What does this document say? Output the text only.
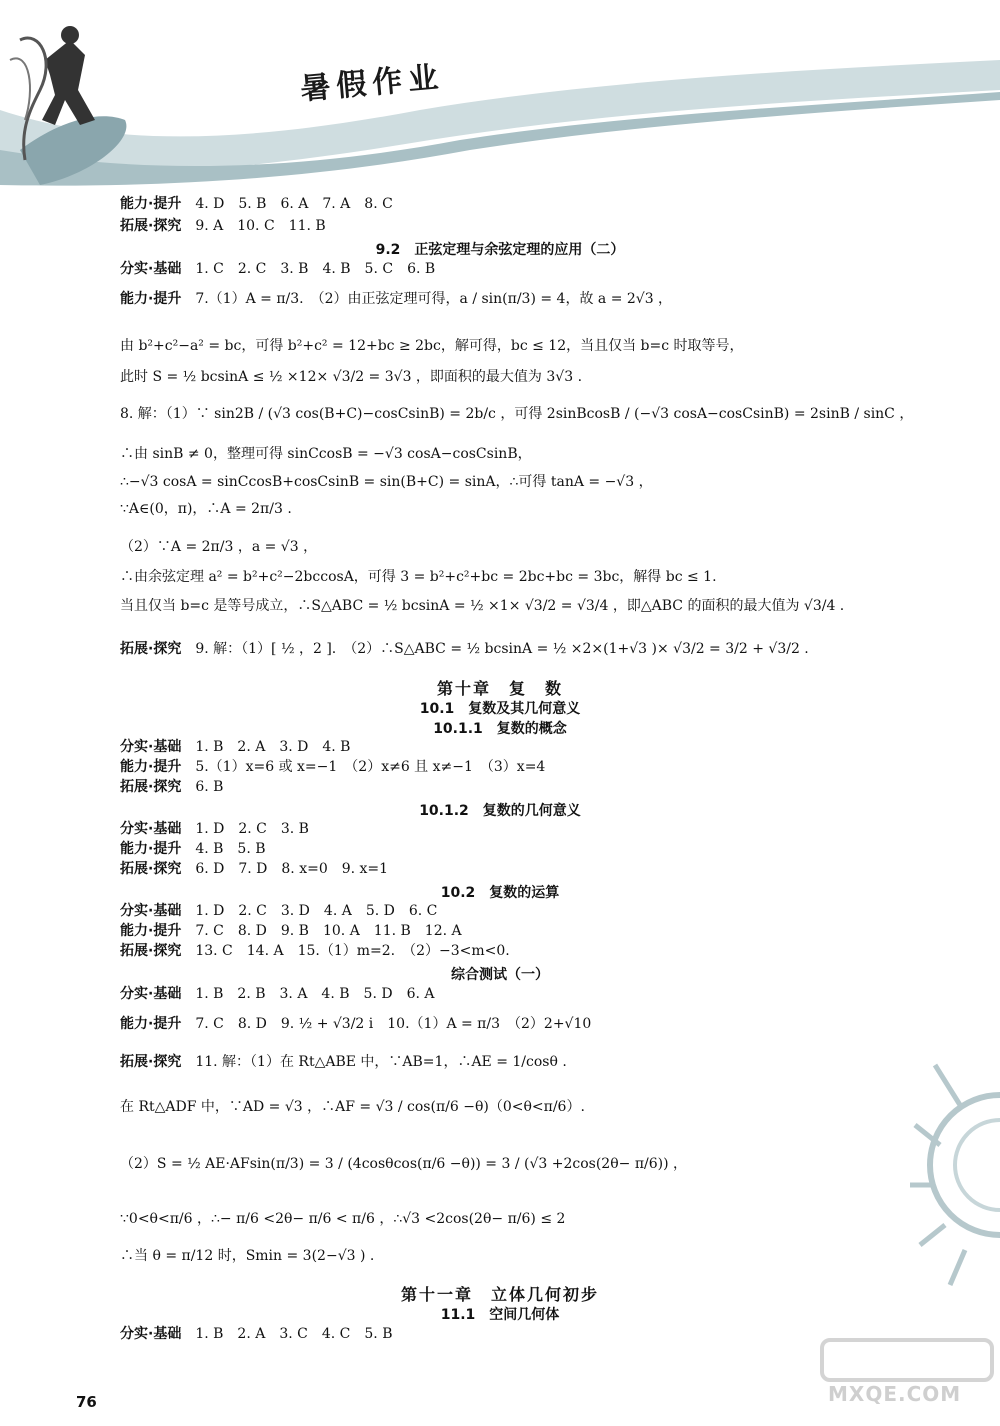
暑假作业
能力·提升 4. D　5. B　6. A　7. A　8. C
拓展·探究 9. A　10. C　11. B
9.2　正弦定理与余弦定理的应用（二）
分实·基础 1. C　2. C　3. B　4. B　5. C　6. B
能力·提升 7.（1）A = π/3.　（2）由正弦定理可得，a / sin(π/3) = 4，故 a = 2√3 ，
由 b²+c²−a² = bc，可得 b²+c² = 12+bc ≥ 2bc，解可得，bc ≤ 12，当且仅当 b=c 时取等号，
此时 S = ½ bcsinA ≤ ½ ×12× √3/2 = 3√3 ，即面积的最大值为 3√3 .
8. 解：（1）∵ sin2B / (√3 cos(B+C)−cosCsinB) = 2b/c ，可得 2sinBcosB / (−√3 cosA−cosCsinB) = 2sinB / sinC ，
∴由 sinB ≠ 0，整理可得 sinCcosB = −√3 cosA−cosCsinB，
∴−√3 cosA = sinCcosB+cosCsinB = sin(B+C) = sinA，∴可得 tanA = −√3 ，
∵A∈(0，π)，∴A = 2π/3 .
（2）∵A = 2π/3 ，a = √3 ，
∴由余弦定理 a² = b²+c²−2bccosA，可得 3 = b²+c²+bc = 2bc+bc = 3bc，解得 bc ≤ 1.
当且仅当 b=c 是等号成立，∴S△ABC = ½ bcsinA = ½ ×1× √3/2 = √3/4 ，即△ABC 的面积的最大值为 √3/4 .
拓展·探究 9. 解：（1）[ ½ ，2 ].　（2）∴S△ABC = ½ bcsinA = ½ ×2×(1+√3 )× √3/2 = 3/2 + √3/2 .
第十章　复　数
10.1　复数及其几何意义
10.1.1　复数的概念
分实·基础 1. B　2. A　3. D　4. B
能力·提升 5.（1）x=6 或 x=−1　（2）x≠6 且 x≠−1　（3）x=4
拓展·探究 6. B
10.1.2　复数的几何意义
分实·基础 1. D　2. C　3. B
能力·提升 4. B　5. B
拓展·探究 6. D　7. D　8. x=0　9. x=1
10.2　复数的运算
分实·基础 1. D　2. C　3. D　4. A　5. D　6. C
能力·提升 7. C　8. D　9. B　10. A　11. B　12. A
拓展·探究 13. C　14. A　15.（1）m=2.　（2）−3<m<0.
综合测试（一）
分实·基础 1. B　2. B　3. A　4. B　5. D　6. A
能力·提升 7. C　8. D　9. ½ + √3/2 i　10.（1）A = π/3　（2）2+√10
拓展·探究 11. 解：（1）在 Rt△ABE 中，∵AB=1，∴AE = 1/cosθ .
在 Rt△ADF 中，∵AD = √3 ，∴AF = √3 / cos(π/6 −θ)（0<θ<π/6）.
（2）S = ½ AE·AFsin(π/3) = 3 / (4cosθcos(π/6 −θ)) = 3 / (√3 +2cos(2θ− π/6)) ，
∵0<θ<π/6 ，∴− π/6 <2θ− π/6 < π/6 ，∴√3 <2cos(2θ− π/6) ≤ 2
∴当 θ = π/12 时，Smin = 3(2−√3 ) .
第十一章　立体几何初步
11.1　空间几何体
分实·基础 1. B　2. A　3. C　4. C　5. B
MXQE.COM
76
